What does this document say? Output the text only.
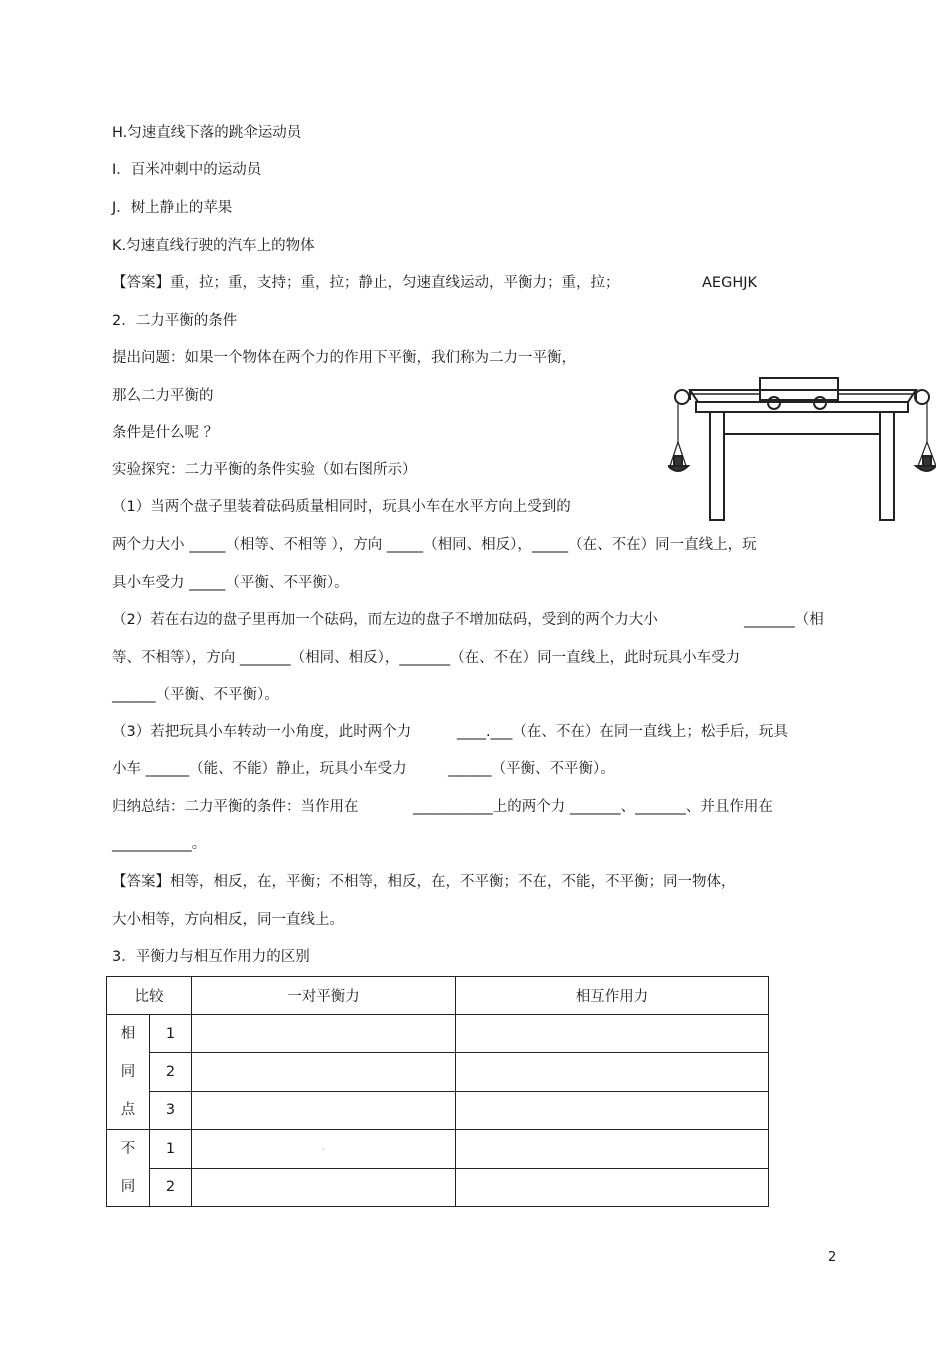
H.匀速直线下落的跳伞运动员
I．百米冲刺中的运动员
J．树上静止的苹果
K.匀速直线行驶的汽车上的物体
【答案】重，拉；重，支持；重，拉；静止，匀速直线运动，平衡力；重，拉；	AEGHJK
2．二力平衡的条件
提出问题：如果一个物体在两个力的作用下平衡，我们称为二力一平衡，
那么二力平衡的
条件是什么呢 ？
实验探究：二力平衡的条件实验（如右图所示）
（1）当两个盘子里装着砝码质量相同时，玩具小车在水平方向上受到的
两个力大小 _____（相等、不相等 ），方向 _____（相同、相反），_____（在、不在）同一直线上，玩
具小车受力 _____（平衡、不平衡）。
（2）若在右边的盘子里再加一个砝码，而左边的盘子不增加砝码，受到的两个力大小	_______（相
等、不相等），方向 _______（相同、相反），_______（在、不在）同一直线上，此时玩具小车受力
______（平衡、不平衡）。
（3）若把玩具小车转动一小角度，此时两个力	____.___（在、不在）在同一直线上；松手后，玩具
小车 ______（能、不能）静止，玩具小车受力	______（平衡、不平衡）。
归纳总结：二力平衡的条件：当作用在	___________上的两个力 _______、_______、并且作用在
___________。
【答案】相等，相反，在，平衡；不相等，相反，在，不平衡；不在，不能，不平衡；同一物体，
大小相等，方向相反，同一直线上。
3．平衡力与相互作用力的区别
比较		一对平衡力	相互作用力

相同点	1		
	2		
	3		

不同	1	"	
	2		
2
